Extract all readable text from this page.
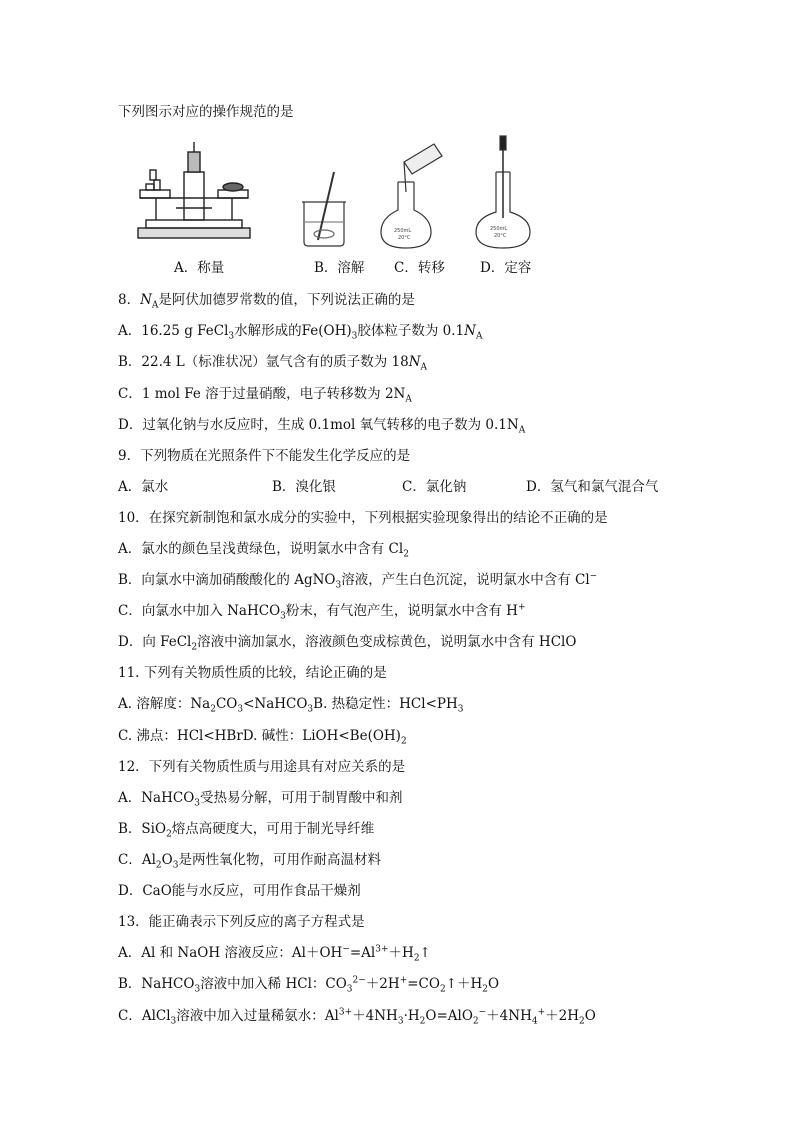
下列图示对应的操作规范的是
250mL
20°C
250mL
20°C
A．称量	B．溶解 C．转移	D．定容
8．$N_A$是阿伏加德罗常数的值，下列说法正确的是
A．16.25 g FeCl$_3$水解形成的$Fe(OH)_3$胶体粒子数为 $0.1N_A$
B．22.4 L（标准状况）氩气含有的质子数为 $18N_A$
C．1 mol Fe 溶于过量硝酸，电子转移数为 $2N_A$
D．过氧化钠与水反应时，生成 0.1mol 氧气转移的电子数为 $0.1N_A$
9．下列物质在光照条件下不能发生化学反应的是
A．氯水	B．溴化银	C．氯化钠	D．氢气和氯气混合气
10．在探究新制饱和氯水成分的实验中，下列根据实验现象得出的结论不正确的是
A．氯水的颜色呈浅黄绿色，说明氯水中含有 $Cl_2$
B．向氯水中滴加硝酸酸化的 AgNO$_3$溶液，产生白色沉淀，说明氯水中含有 Cl−
C．向氯水中加入 NaHCO$_3$粉末，有气泡产生，说明氯水中含有 H+
D．向 FeCl$_2$溶液中滴加氯水，溶液颜色变成棕黄色，说明氯水中含有 HClO
11. 下列有关物质性质的比较，结论正确的是
A. 溶解度：$Na_2CO_3<NaHCO_3B$. 热稳定性：$HCl<PH_3$
C. 沸点：HCl<HBrD. 碱性：$LiOH<Be(OH)_2$
12．下列有关物质性质与用途具有对应关系的是
A．NaHCO$_3$受热易分解，可用于制胃酸中和剂
B．SiO$_2$熔点高硬度大，可用于制光导纤维
C．$Al_2O_3$是两性氧化物，可用作耐高温材料
D．CaO能与水反应，可用作食品干燥剂
13．能正确表示下列反应的离子方程式是
A．Al 和 NaOH 溶液反应：$Al+OH^-=Al^{3+}+H_2↑$
B．NaHCO$_3$溶液中加入稀 HCl：$CO_3^{2-}+2H^+=CO_2↑+H_2O$
C．AlCl$_3$溶液中加入过量稀氨水：$Al^{3+}+4NH_3\cdot H_2O=AlO_2^-+4NH_4^++2H_2O$
